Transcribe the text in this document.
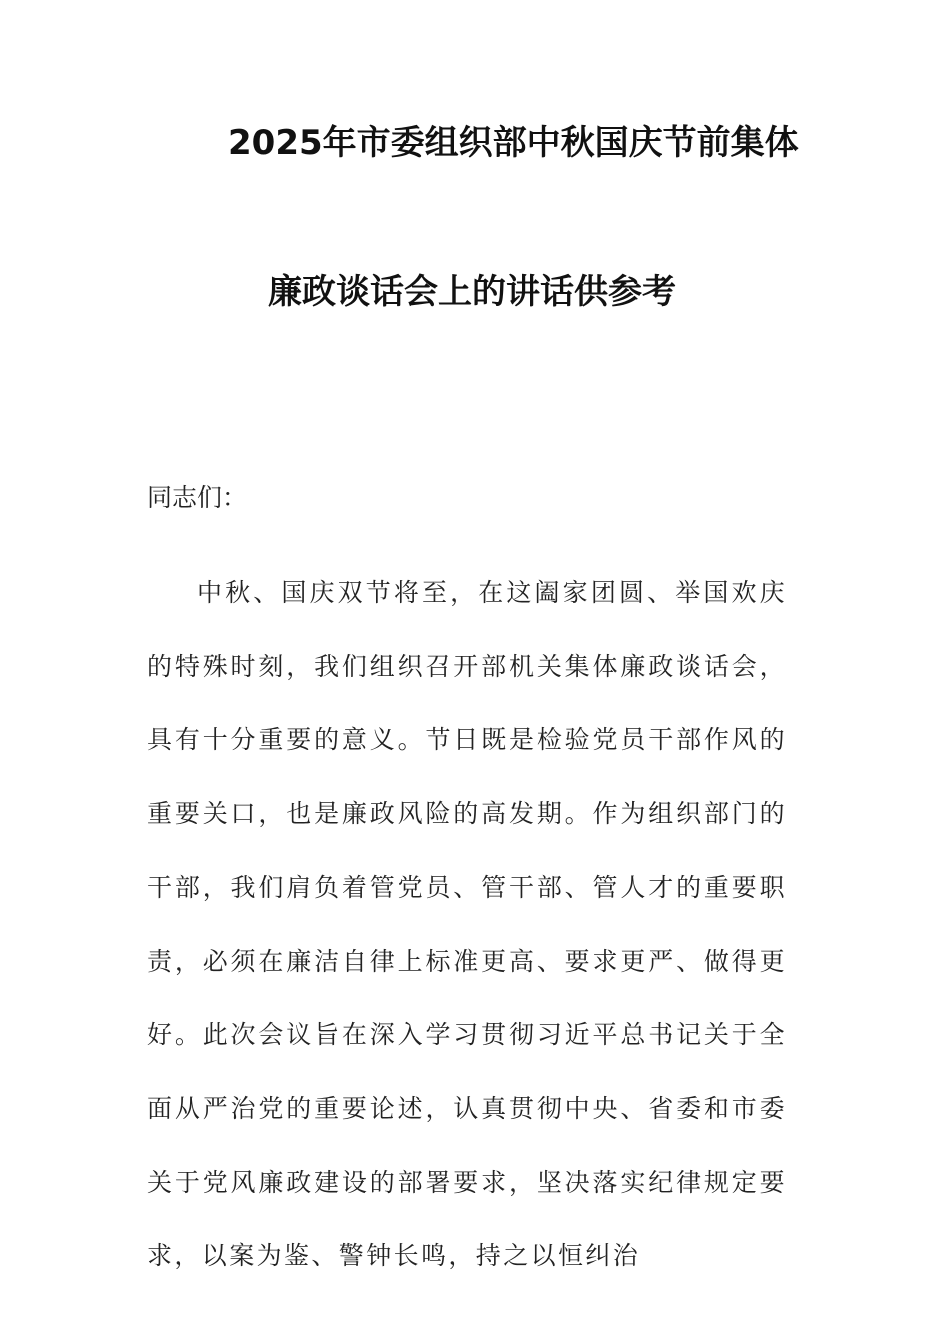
2025年市委组织部中秋国庆节前集体
廉政谈话会上的讲话供参考

同志们：

中秋、国庆双节将至，在这阖家团圆、举国欢庆的特殊时刻，我们组织召开部机关集体廉政谈话会，具有十分重要的意义。节日既是检验党员干部作风的重要关口，也是廉政风险的高发期。作为组织部门的干部，我们肩负着管党员、管干部、管人才的重要职责，必须在廉洁自律上标准更高、要求更严、做得更好。此次会议旨在深入学习贯彻习近平总书记关于全面从严治党的重要论述，认真贯彻中央、省委和市委关于党风廉政建设的部署要求，坚决落实纪律规定要求，以案为鉴、警钟长鸣，持之以恒纠治
